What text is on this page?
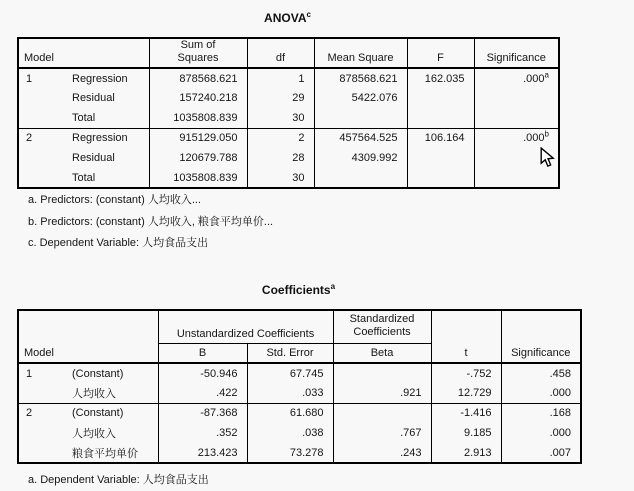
ANOVA$^c$
Model	Sum of
Squares	df	Mean Square	F	Significance
1 Regression	878568.621	1	878568.621	162.035	.000$^a$
Residual	157240.218	29	5422.076		
Total	1035808.839	30			
2 Regression	915129.050	2	457564.525	106.164	.000$^b$
Residual	120679.788	28	4309.992		
Total	1035808.839	30			
a. Predictors: (constant) 人均收入...
b. Predictors: (constant) 人均收入, 粮食平均单价...
c. Dependent Variable: 人均食品支出
Coefficients$^a$
Model	Unstandardized Coefficients		Standardized
Coefficients	t	Significance
	B	Std. Error	Beta		
1 (Constant)	-50.946	67.745		-.752	.458
人均收入	.422	.033	.921	12.729	.000
2 (Constant)	-87.368	61.680		-1.416	.168
人均收入	.352	.038	.767	9.185	.000
粮食平均单价	213.423	73.278	.243	2.913	.007
a. Dependent Variable: 人均食品支出
